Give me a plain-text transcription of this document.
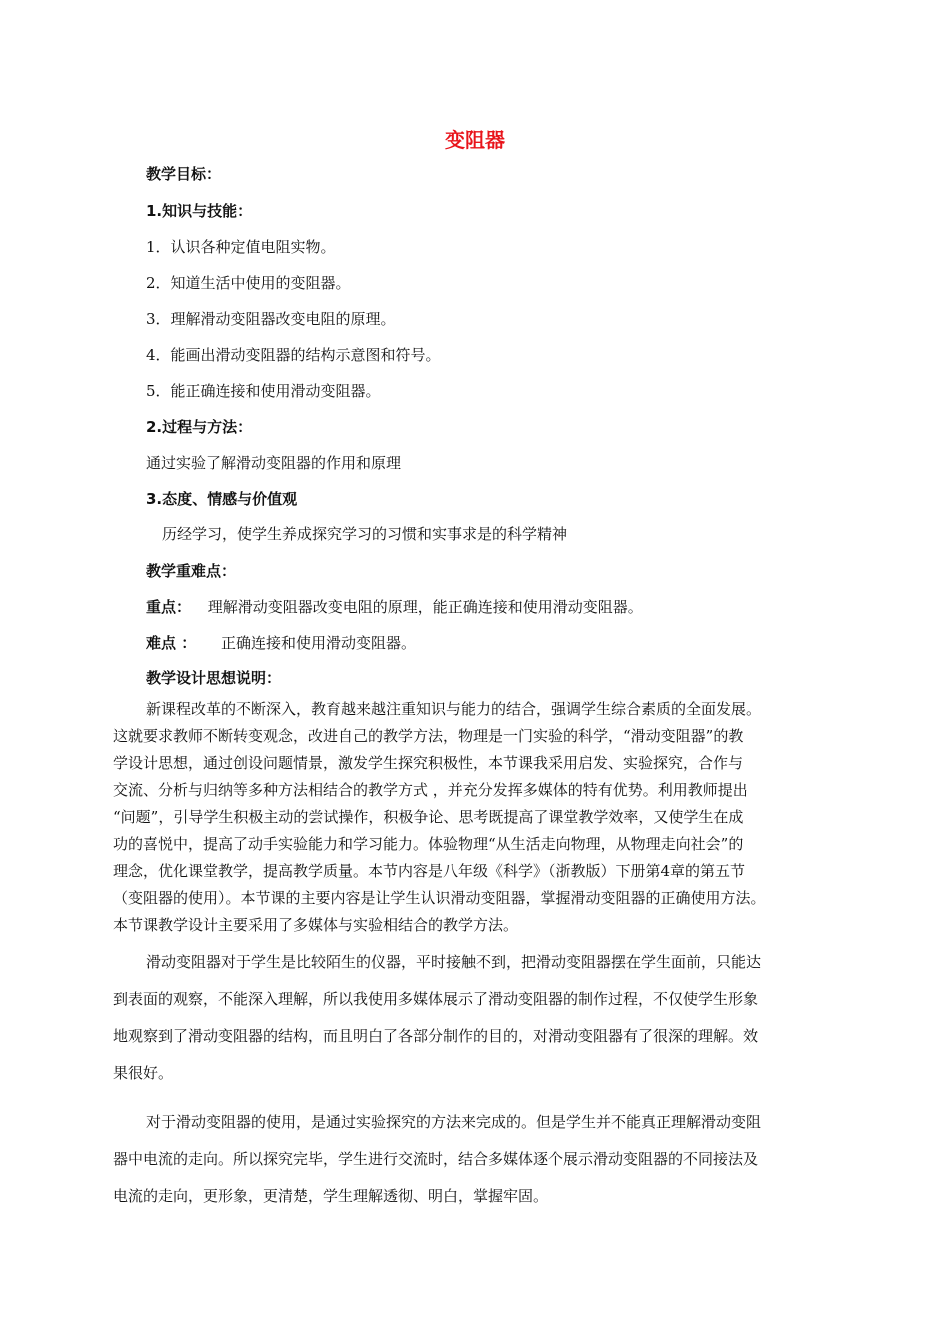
变阻器
教学目标：
1.知识与技能：
1．认识各种定值电阻实物。
2．知道生活中使用的变阻器。
3．理解滑动变阻器改变电阻的原理。
4．能画出滑动变阻器的结构示意图和符号。
5．能正确连接和使用滑动变阻器。
2.过程与方法：
通过实验了解滑动变阻器的作用和原理
3.态度、情感与价值观
历经学习，使学生养成探究学习的习惯和实事求是的科学精神
教学重难点：
重点： 理解滑动变阻器改变电阻的原理，能正确连接和使用滑动变阻器。
难点 ： 正确连接和使用滑动变阻器。
教学设计思想说明：
新课程改革的不断深入，教育越来越注重知识与能力的结合，强调学生综合素质的全面发展。
这就要求教师不断转变观念，改进自己的教学方法，物理是一门实验的科学，“滑动变阻器”的教
学设计思想，通过创设问题情景，激发学生探究积极性，本节课我采用启发、实验探究，合作与
交流、分析与归纳等多种方法相结合的教学方式 ，并充分发挥多媒体的特有优势。利用教师提出
“问题”，引导学生积极主动的尝试操作，积极争论、思考既提高了课堂教学效率，又使学生在成
功的喜悦中，提高了动手实验能力和学习能力。体验物理“从生活走向物理，从物理走向社会”的
理念，优化课堂教学，提高教学质量。本节内容是八年级《科学》（浙教版）下册第4章的第五节
（变阻器的使用）。本节课的主要内容是让学生认识滑动变阻器，掌握滑动变阻器的正确使用方法。
本节课教学设计主要采用了多媒体与实验相结合的教学方法。
滑动变阻器对于学生是比较陌生的仪器，平时接触不到，把滑动变阻器摆在学生面前，只能达
到表面的观察，不能深入理解，所以我使用多媒体展示了滑动变阻器的制作过程，不仅使学生形象
地观察到了滑动变阻器的结构，而且明白了各部分制作的目的，对滑动变阻器有了很深的理解。效
果很好。
对于滑动变阻器的使用，是通过实验探究的方法来完成的。但是学生并不能真正理解滑动变阻
器中电流的走向。所以探究完毕，学生进行交流时，结合多媒体逐个展示滑动变阻器的不同接法及
电流的走向，更形象，更清楚，学生理解透彻、明白，掌握牢固。
